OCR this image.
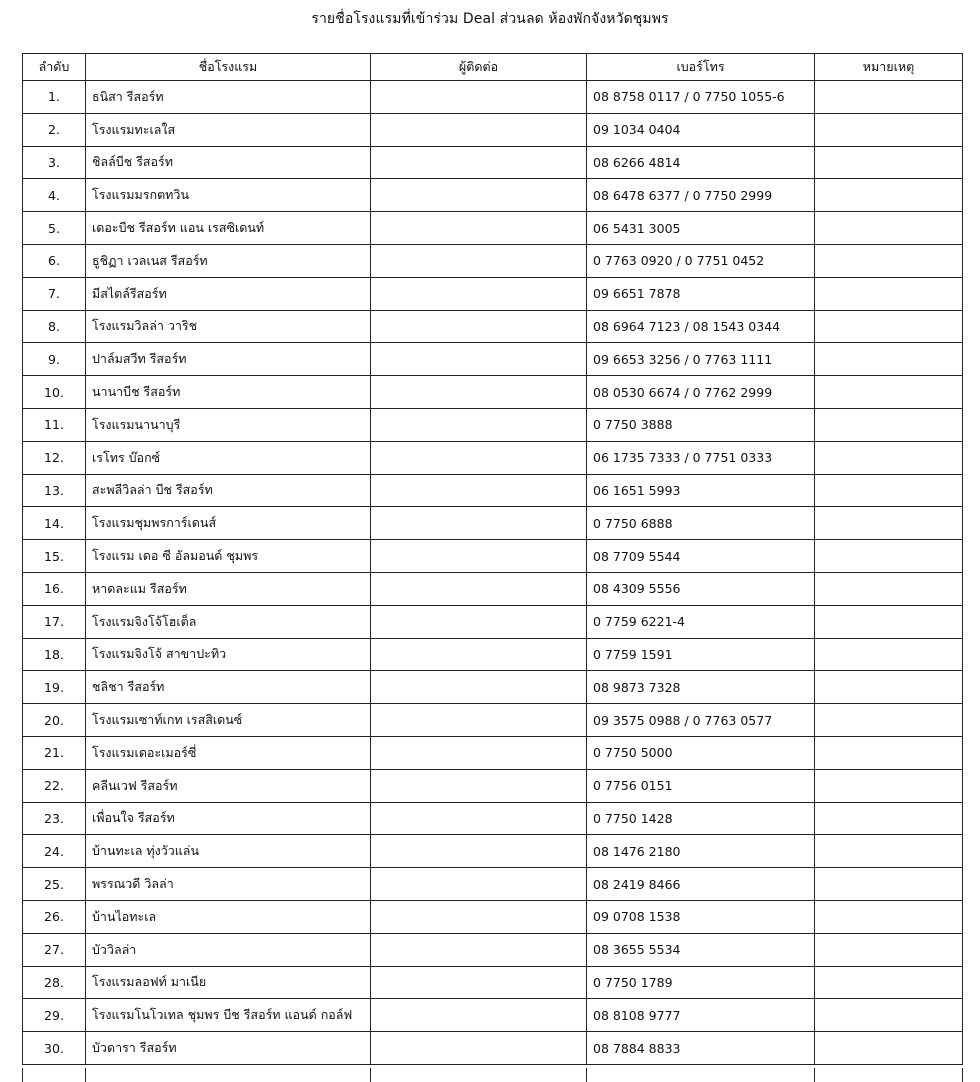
รายชื่อโรงแรมที่เข้าร่วม Deal ส่วนลด ห้องพักจังหวัดชุมพร
ลำดับ	ชื่อโรงแรม	ผู้ติดต่อ	เบอร์โทร	หมายเหตุ
1.	ธนิสา รีสอร์ท		08 8758 0117 / 0 7750 1055-6	
2.	โรงแรมทะเลใส		09 1034 0404	
3.	ชิลล์บีช รีสอร์ท		08 6266 4814	
4.	โรงแรมมรกตทวิน		08 6478 6377 / 0 7750 2999	
5.	เดอะบีช รีสอร์ท แอน เรสซิเดนท์		06 5431 3005	
6.	ธูชิฏา เวลเนส รีสอร์ท		0 7763 0920 / 0 7751 0452	
7.	มีสไตล์รีสอร์ท		09 6651 7878	
8.	โรงแรมวิลล่า วาริช		08 6964 7123 / 08 1543 0344	
9.	ปาล์มสวีท รีสอร์ท		09 6653 3256 / 0 7763 1111	
10.	นานาบีช รีสอร์ท		08 0530 6674 / 0 7762 2999	
11.	โรงแรมนานาบุรี		0 7750 3888	
12.	เรโทร บ๊อกซ์		06 1735 7333 / 0 7751 0333	
13.	สะพลีวิลล่า บีช รีสอร์ท		06 1651 5993	
14.	โรงแรมชุมพรการ์เดนส์		0 7750 6888	
15.	โรงแรม เดอ ซี อัลมอนด์ ชุมพร		08 7709 5544	
16.	หาดละแม รีสอร์ท		08 4309 5556	
17.	โรงแรมจิงโจ้โฮเต็ล		0 7759 6221-4	
18.	โรงแรมจิงโจ้ สาขาปะทิว		0 7759 1591	
19.	ชลิชา รีสอร์ท		08 9873 7328	
20.	โรงแรมเซาท์เกท เรสสิเดนซ์		09 3575 0988 / 0 7763 0577	
21.	โรงแรมเดอะเมอร์ซี่		0 7750 5000	
22.	คลีนเวฟ รีสอร์ท		0 7756 0151	
23.	เพื่อนใจ รีสอร์ท		0 7750 1428	
24.	บ้านทะเล ทุ่งวัวแล่น		08 1476 2180	
25.	พรรณวดี วิลล่า		08 2419 8466	
26.	บ้านไอทะเล		09 0708 1538	
27.	บัววิลล่า		08 3655 5534	
28.	โรงแรมลอฟท์ มาเนีย		0 7750 1789	
29.	โรงแรมโนโวเทล ชุมพร บีช รีสอร์ท แอนด์ กอล์ฟ		08 8108 9777	
30.	บัวดารา รีสอร์ท		08 7884 8833	
